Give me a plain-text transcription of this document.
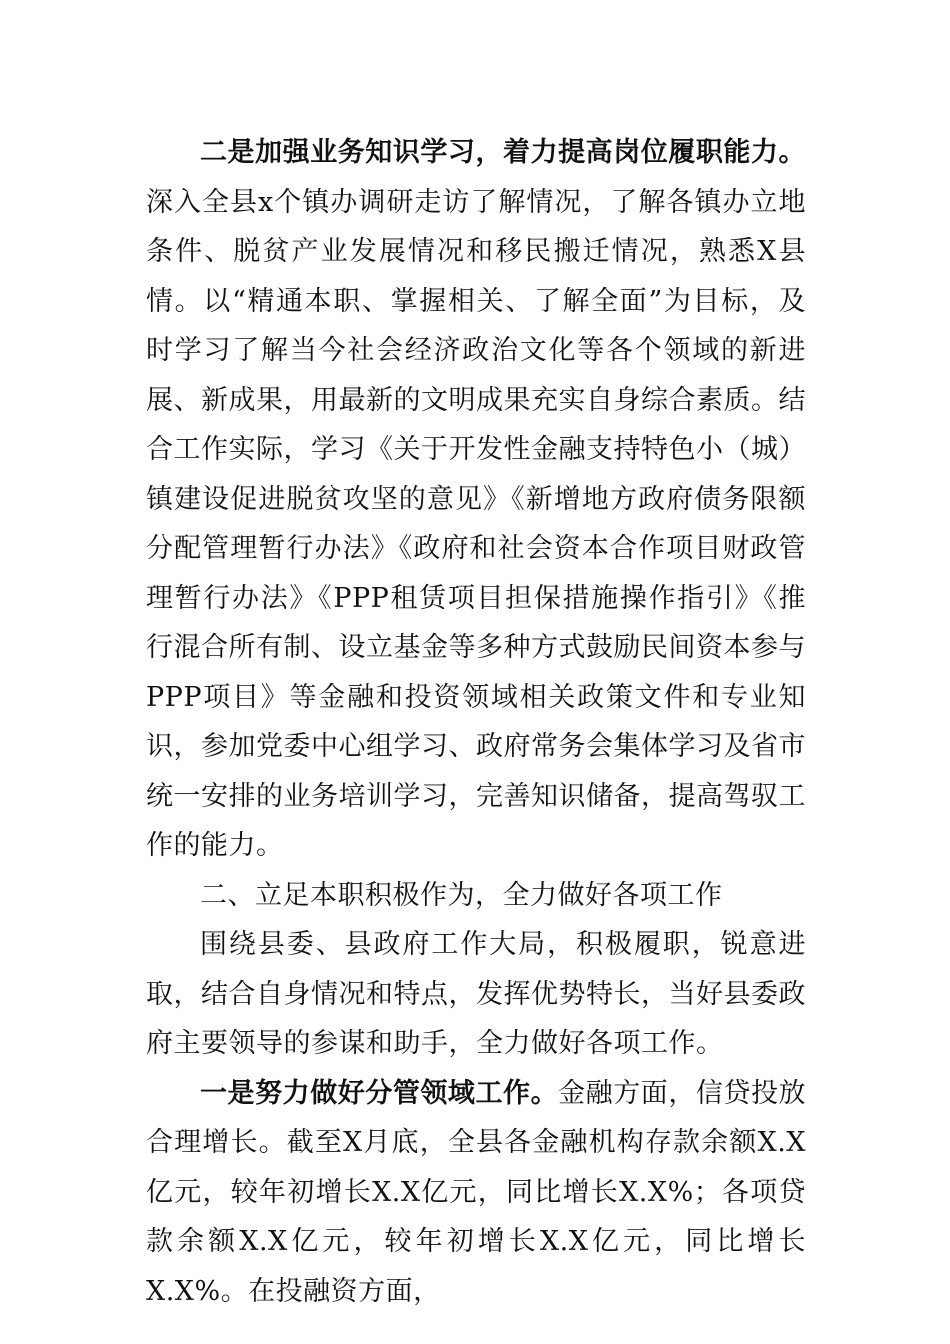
二是加强业务知识学习，着力提高岗位履职能力。深入全县x个镇办调研走访了解情况，了解各镇办立地条件、脱贫产业发展情况和移民搬迁情况，熟悉X县情。以“精通本职、掌握相关、了解全面”为目标，及时学习了解当今社会经济政治文化等各个领域的新进展、新成果，用最新的文明成果充实自身综合素质。结合工作实际，学习《关于开发性金融支持特色小（城）镇建设促进脱贫攻坚的意见》《新增地方政府债务限额分配管理暂行办法》《政府和社会资本合作项目财政管理暂行办法》《PPP租赁项目担保措施操作指引》《推行混合所有制、设立基金等多种方式鼓励民间资本参与PPP项目》等金融和投资领域相关政策文件和专业知识，参加党委中心组学习、政府常务会集体学习及省市统一安排的业务培训学习，完善知识储备，提高驾驭工作的能力。

二、立足本职积极作为，全力做好各项工作

围绕县委、县政府工作大局，积极履职，锐意进取，结合自身情况和特点，发挥优势特长，当好县委政府主要领导的参谋和助手，全力做好各项工作。

一是努力做好分管领域工作。金融方面，信贷投放合理增长。截至X月底，全县各金融机构存款余额X.X亿元，较年初增长X.X亿元，同比增长X.X%；各项贷款余额X.X亿元，较年初增长X.X亿元，同比增长X.X%。在投融资方面，
